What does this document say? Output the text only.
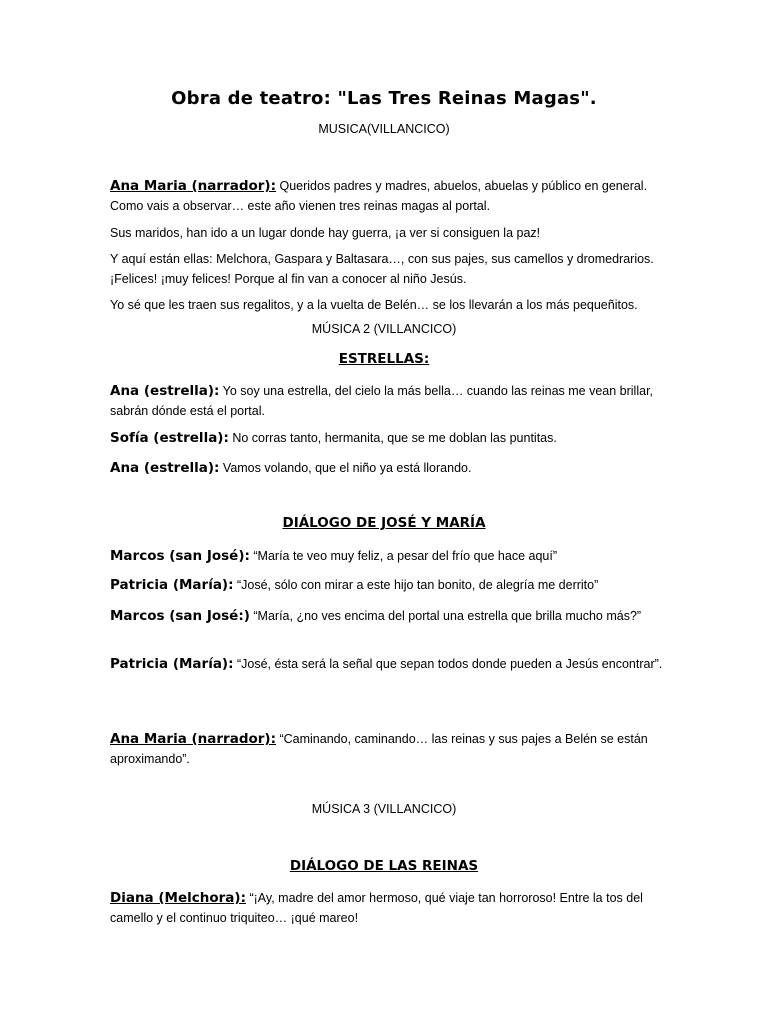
Obra de teatro: "Las Tres Reinas Magas".
MUSICA(VILLANCICO)
Ana Maria (narrador): Queridos padres y madres, abuelos, abuelas y público en general. Como vais a observar… este año vienen tres reinas magas al portal.
Sus maridos, han ido a un lugar donde hay guerra, ¡a ver si consiguen la paz!
Y aquí están ellas: Melchora, Gaspara y Baltasara…, con sus pajes, sus camellos y dromedrarios. ¡Felices! ¡muy felices! Porque al fin van a conocer al niño Jesús.
Yo sé que les traen sus regalitos, y a la vuelta de Belén… se los llevarán a los más pequeñitos.
MÚSICA 2 (VILLANCICO)
ESTRELLAS:
Ana (estrella): Yo soy una estrella, del cielo la más bella… cuando las reinas me vean brillar, sabrán dónde está el portal.
Sofía (estrella): No corras tanto, hermanita, que se me doblan las puntitas.
Ana (estrella): Vamos volando, que el niño ya está llorando.
DIÁLOGO DE JOSÉ Y MARÍA
Marcos (san José): “María te veo muy feliz, a pesar del frío que hace aquí”
Patricia (María): “José, sólo con mirar a este hijo tan bonito, de alegría me derrito”
Marcos (san José:) “María, ¿no ves encima del portal una estrella que brilla mucho más?”
Patricia (María): “José, ésta será la señal que sepan todos donde pueden a Jesús encontrar”.
Ana Maria (narrador): “Caminando, caminando… las reinas y sus pajes a Belén se están aproximando”.
MÚSICA 3 (VILLANCICO)
DIÁLOGO DE LAS REINAS
Diana (Melchora): “¡Ay, madre del amor hermoso, qué viaje tan horroroso! Entre la tos del camello y el continuo triquiteo… ¡qué mareo!
